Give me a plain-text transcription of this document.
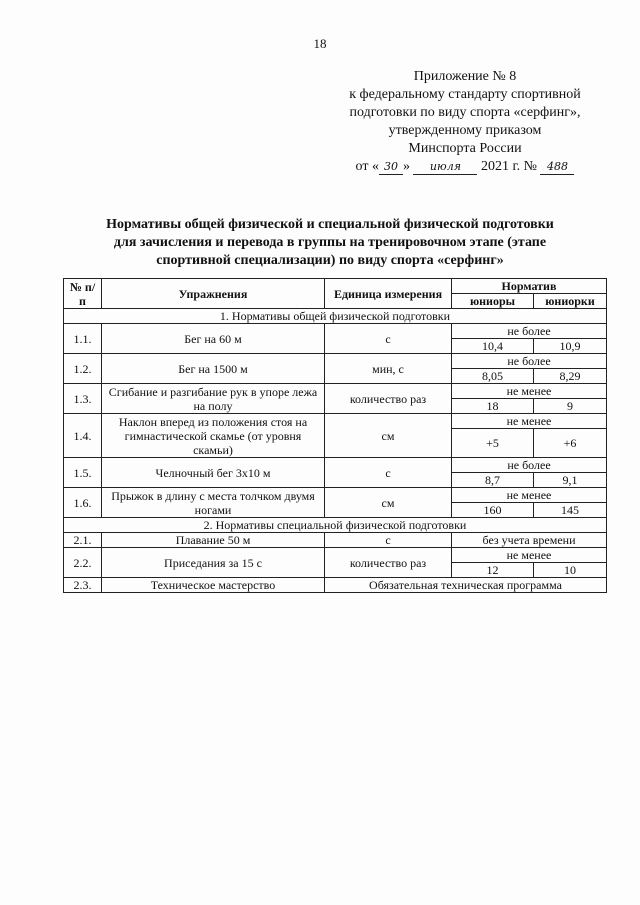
18
Приложение № 8
к федеральному стандарту спортивной
подготовки по виду спорта «серфинг»,
утвержденному приказом
Минспорта России
от « 30 » июля 2021 г. № 488
Нормативы общей физической и специальной физической подготовки
для зачисления и перевода в группы на тренировочном этапе (этапе
спортивной специализации) по виду спорта «серфинг»
№ п/п	Упражнения	Единица измерения	Норматив	
			юниоры	юниорки
1. Нормативы общей физической подготовки				
1.1.	Бег на 60 м	с	не более	
			10,4	10,9
1.2.	Бег на 1500 м	мин, с	не более	
			8,05	8,29
1.3.	Сгибание и разгибание рук в упоре лежа на полу	количество раз	не менее	
			18	9
1.4.	Наклон вперед из положения стоя на гимнастической скамье (от уровня скамьи)	см	не менее	
			+5	+6
1.5.	Челночный бег 3х10 м	с	не более	
			8,7	9,1
1.6.	Прыжок в длину с места толчком двумя ногами	см	не менее	
			160	145
2. Нормативы специальной физической подготовки				
2.1.	Плавание 50 м	с	без учета времени	
2.2.	Приседания за 15 с	количество раз	не менее	
			12	10
2.3.	Техническое мастерство	Обязательная техническая программа		
